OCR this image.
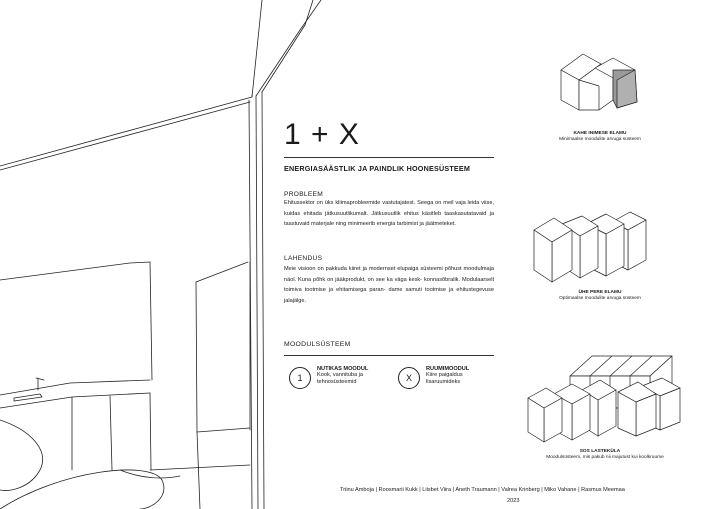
1 + X
ENERGIASÄÄSTLIK JA PAINDLIK HOONESÜSTEEM
PROBLEEM
Ehitussektor on üks kliimaprobleemide vastutajatest. Seega on meil vaja leida viise, kuidas ehitada jätkusuutlikumalt. Jätkusuutlik ehitus käsitleb taaskasutatavaid ja taastuvaid materjale ning minimeerib energia tarbimist ja jäätmeteket.
LAHENDUS
Meie visioon on pakkuda kiiret ja modernset elupaiga süsteemi põhust moodulmaja näol. Kuna põhk on jääkprodukt, on see ka väga kesk- konnasõbralik. Modulaarselt toimiva tootmise ja ehitamisega paran- dame samuti tootmise ja ehitustegevuse jalajälge.
MOODULSÜSTEEM
1
NUTIKAS MOODUL
Kook, vannituba ja
tehnosüsteemid	X
RUUMIMOODUL
Kiire paigaldus
lisaruumideks
KAHE INIMESE ELAMU
Minimaalse moodulite arvuga süsteem
ÜHE PERE ELAMU
Optimaalse moodulite arvuga süsteem
SOS LASTEKÜLA
Moodulsüsteem, mis pakub nii majutust kui koolkruume
Triinu Amboja | Roosmarii Kukk | Liisbet Viira | Aneth Traumann | Valrea Krinberg | Miko Vahane | Rasmus Meemaa
2023
